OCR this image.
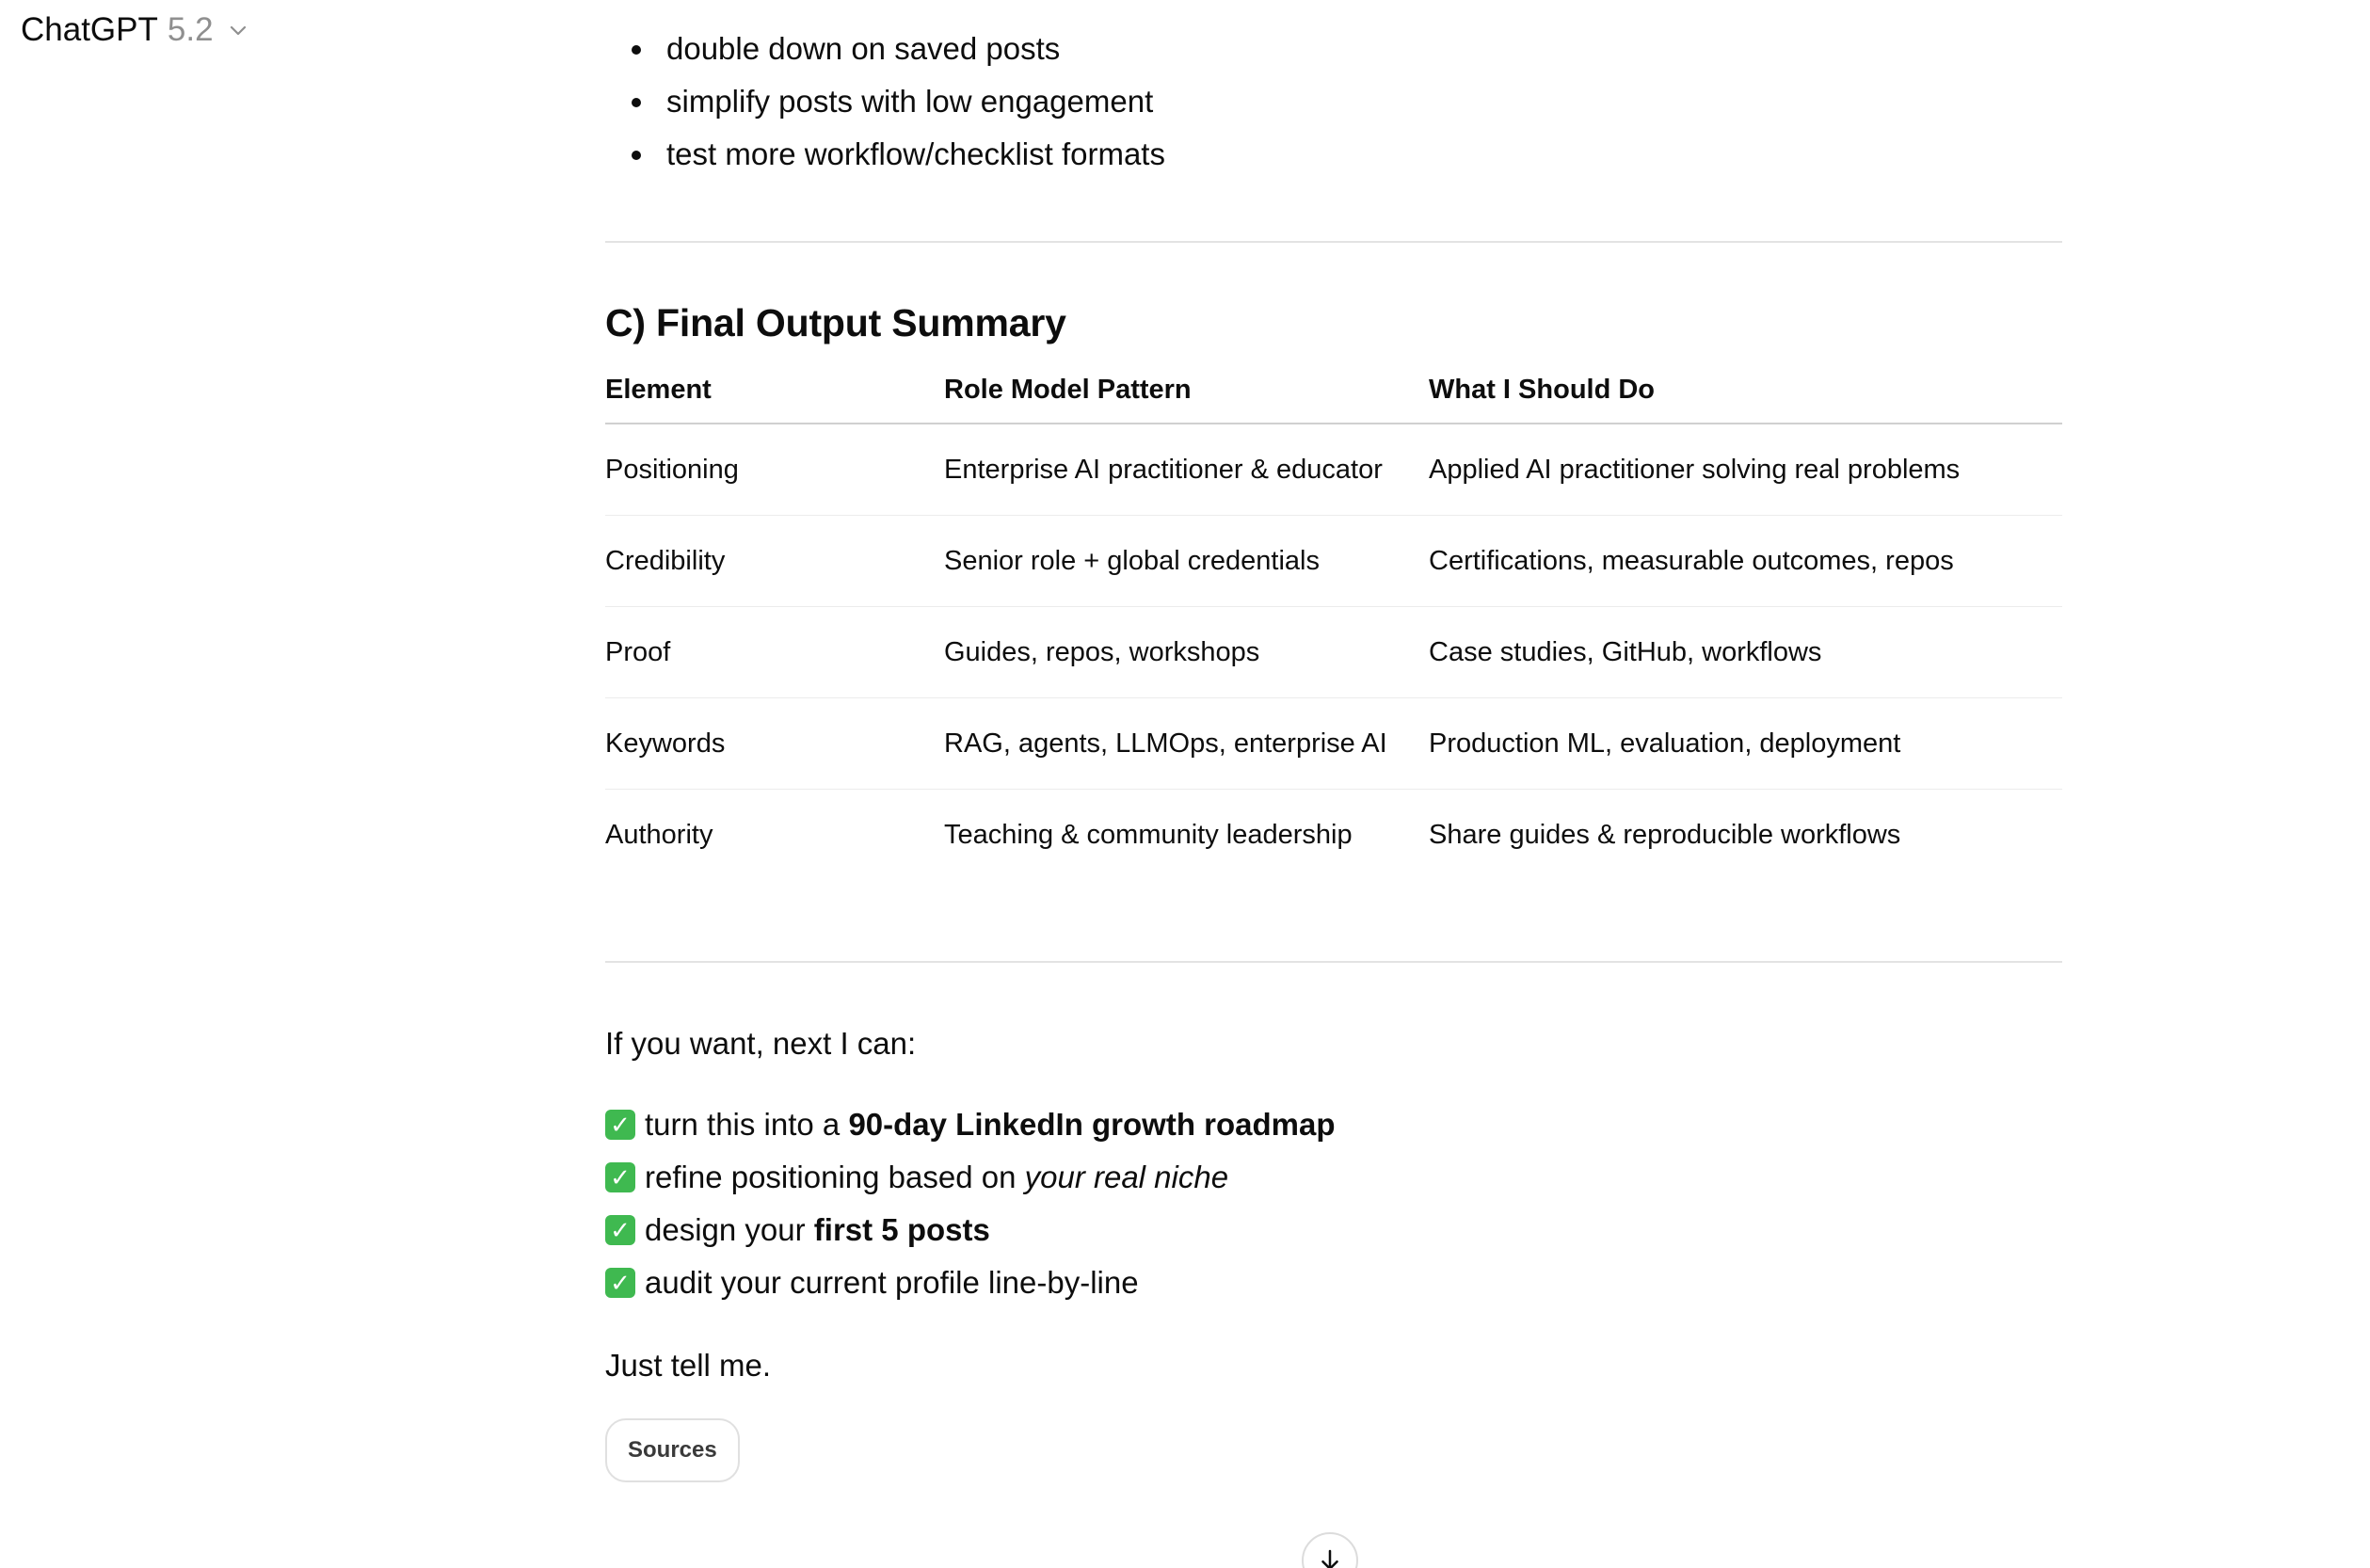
ChatGPT 5.2
double down on saved posts
simplify posts with low engagement
test more workflow/checklist formats
C) Final Output Summary
Element	Role Model Pattern	What I Should Do
Positioning	Enterprise AI practitioner & educator	Applied AI practitioner solving real problems
Credibility	Senior role + global credentials	Certifications, measurable outcomes, repos
Proof	Guides, repos, workshops	Case studies, GitHub, workflows
Keywords	RAG, agents, LLMOps, enterprise AI	Production ML, evaluation, deployment
Authority	Teaching & community leadership	Share guides & reproducible workflows

If you want, next I can:

✓ turn this into a 90-day LinkedIn growth roadmap
✓ refine positioning based on your real niche
✓ design your first 5 posts
✓ audit your current profile line-by-line

Just tell me.

Sources
